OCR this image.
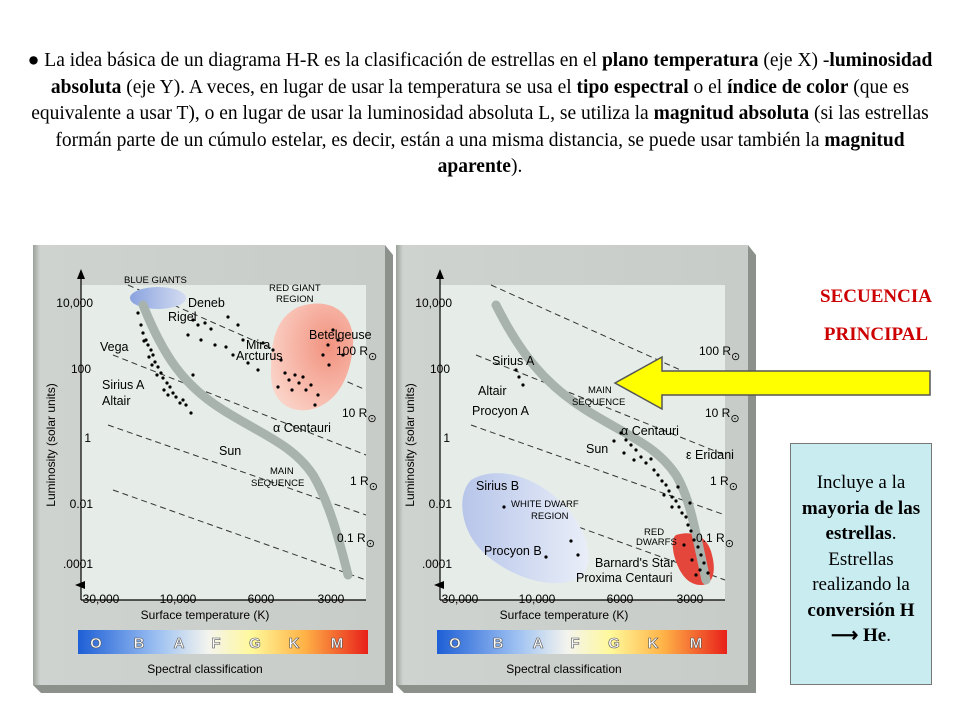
● La idea básica de un diagrama H-R es la clasificación de estrellas en el plano temperatura (eje X) -luminosidad absoluta (eje Y). A veces, en lugar de usar la temperatura se usa el tipo espectral o el índice de color (que es equivalente a usar T), o en lugar de usar la luminosidad absoluta L, se utiliza la magnitud absoluta (si las estrellas formán parte de un cúmulo estelar, es decir, están a una misma distancia, se puede usar también la magnitud aparente).
10,000
100
1
0.01
.0001
30,000	10,000	6000	3000
Surface temperature (K)
Luminosity (solar units)
100 R⊙
10 R⊙
1 R⊙
0.1 R⊙
BLUE GIANTS
RED GIANT
REGION
MAIN
SEQUENCE
Deneb
Rigel
Betelgeuse
Mira
Arcturus
Vega
Sirius A
Altair
α Centauri
Sun
O B A F G K M
Spectral classification
10,000
100
1
0.01
.0001
30,000	10,000	6000	3000
Surface temperature (K)
Luminosity (solar units)
100 R⊙
10 R⊙
1 R⊙
0.1 R⊙
MAIN
SEQUENCE
WHITE DWARF
REGION
RED
DWARFS
Sirius A
Altair
Procyon A
Sun
α Centauri
ε Eridani
Sirius B
Procyon B
Barnard's Star
Proxima Centauri
O B A F G K M
Spectral classification
SECUENCIA
PRINCIPAL
Incluye a la mayoria de las estrellas. Estrellas realizando la conversión H ⟶ He.
